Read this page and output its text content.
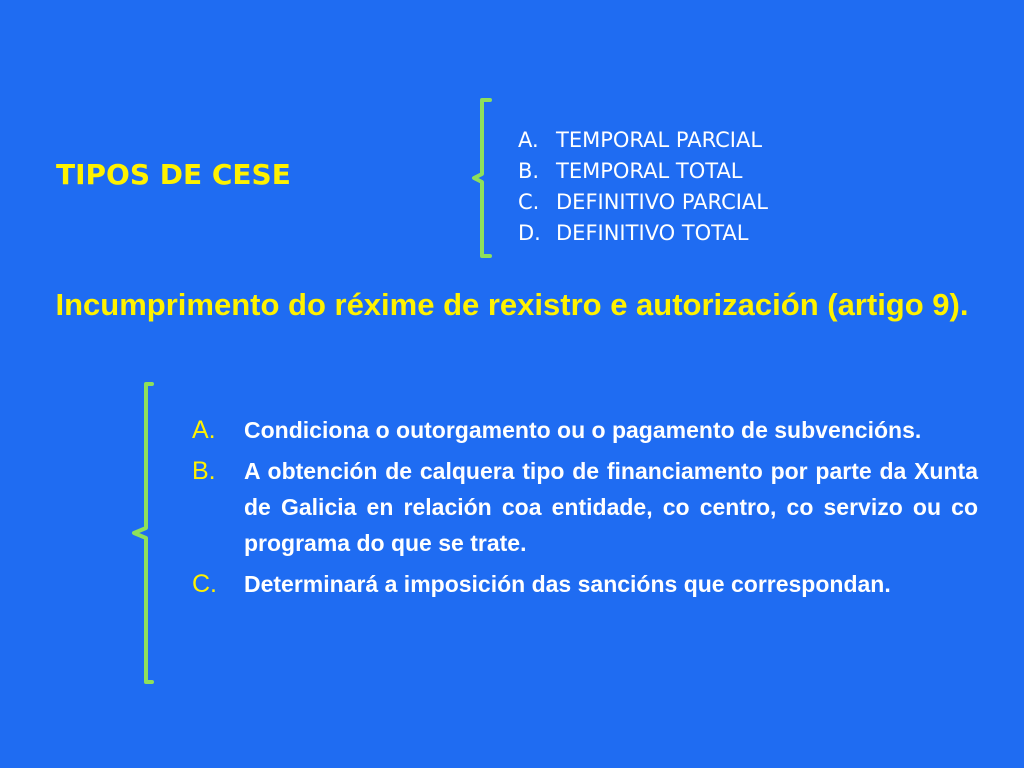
TIPOS DE CESE
A. TEMPORAL PARCIAL
B. TEMPORAL TOTAL
C. DEFINITIVO PARCIAL
D. DEFINITIVO TOTAL
Incumprimento do réxime de rexistro e autorización (artigo 9).
A.	Condiciona o outorgamento ou o pagamento de subvencións.
B.	A obtención de calquera tipo de financiamento por parte da Xunta de Galicia en relación coa entidade, co centro, co servizo ou co programa do que se trate.
C.	Determinará a imposición das sancións que correspondan.
